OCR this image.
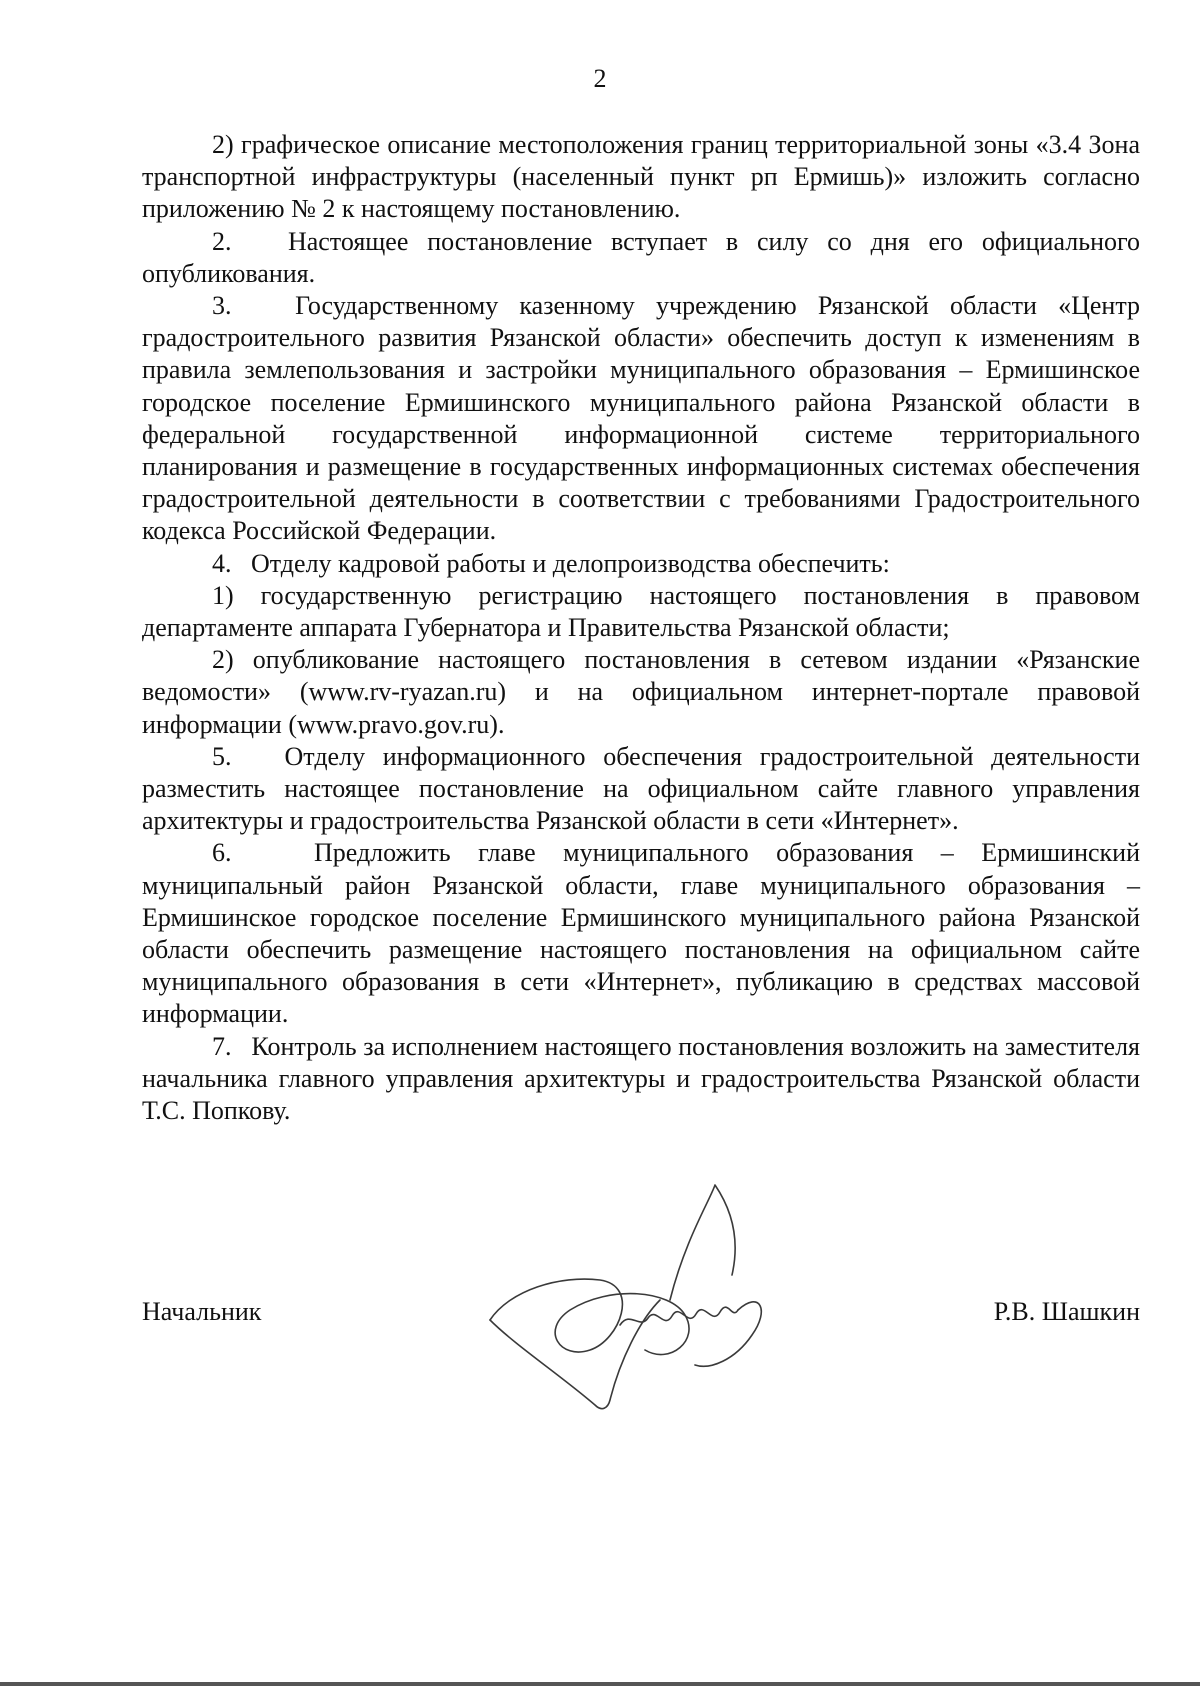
2

2) графическое описание местоположения границ территориальной зоны «3.4 Зона транспортной инфраструктуры (населенный пункт рп Ермишь)» изложить согласно приложению № 2 к настоящему постановлению.

2.   Настоящее постановление вступает в силу со дня его официального опубликования.

3.   Государственному казенному учреждению Рязанской области «Центр градостроительного развития Рязанской области» обеспечить доступ к изменениям в правила землепользования и застройки муниципального образования – Ермишинское городское поселение Ермишинского муниципального района Рязанской области в федеральной государственной информационной системе территориального планирования и размещение в государственных информационных системах обеспечения градостроительной деятельности в соответствии с требованиями Градостроительного кодекса Российской Федерации.

4.   Отделу кадровой работы и делопроизводства обеспечить:

1) государственную регистрацию настоящего постановления в правовом департаменте аппарата Губернатора и Правительства Рязанской области;

2) опубликование настоящего постановления в сетевом издании «Рязанские ведомости» (www.rv-ryazan.ru) и на официальном интернет-портале правовой информации (www.pravo.gov.ru).

5.   Отделу информационного обеспечения градостроительной деятельности разместить настоящее постановление на официальном сайте главного управления архитектуры и градостроительства Рязанской области в сети «Интернет».

6.   Предложить главе муниципального образования – Ермишинский муниципальный район Рязанской области, главе муниципального образования – Ермишинское городское поселение Ермишинского муниципального района Рязанской области обеспечить размещение настоящего постановления на официальном сайте муниципального образования в сети «Интернет», публикацию в средствах массовой информации.

7.   Контроль за исполнением настоящего постановления возложить на заместителя начальника главного управления архитектуры и градостроительства Рязанской области Т.С. Попкову.

Начальник	Р.В. Шашкин
